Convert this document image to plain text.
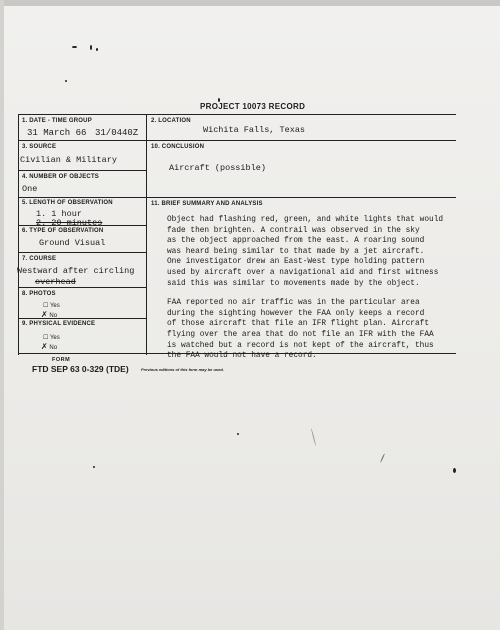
PROJECT 10073 RECORD
1. DATE - TIME GROUP
31 March 66 31/0440Z
2. LOCATION
Wichita Falls, Texas
3. SOURCE
Civilian & Military
10. CONCLUSION
Aircraft (possible)
4. NUMBER OF OBJECTS
One
5. LENGTH OF OBSERVATION
1. 1 hour
2. 20 minutes
11. BRIEF SUMMARY AND ANALYSIS
6. TYPE OF OBSERVATION
Ground Visual
7. COURSE
Westward after circling
overhead
8. PHOTOS
☐ Yes
✗ No
9. PHYSICAL EVIDENCE
☐ Yes
✗ No

Object had flashing red, green, and white lights that would
fade then brighten. A contrail was observed in the sky
as the object approached from the east. A roaring sound
was heard being similar to that made by a jet aircraft.
One investigator drew an East-West type holding pattern
used by aircraft over a navigational aid and first witness
said this was similar to movements made by the object.

FAA reported no air traffic was in the particular area
during the sighting however the FAA only keeps a record
of those aircraft that file an IFR flight plan. Aircraft
flying over the area that do not file an IFR with the FAA
is watched but a record is not kept of the aircraft, thus
the FAA would not have a record.

FORM
FTD SEP 63 0-329 (TDE)	Previous editions of this form may be used.
